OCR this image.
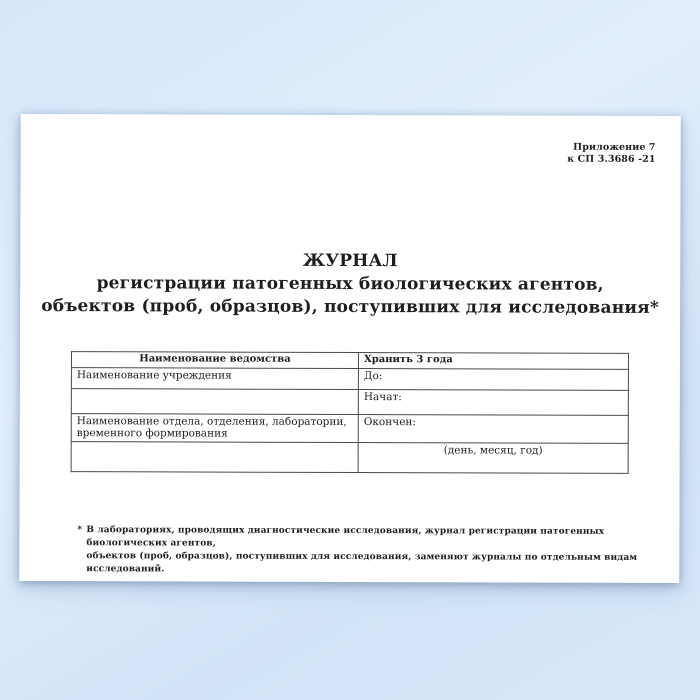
Приложение 7
к СП 3.3686 -21
ЖУРНАЛ
регистрации патогенных биологических агентов,
объектов (проб, образцов), поступивших для исследования*
Наименование ведомства	Хранить 3 года
Наименование учреждения	До:
	Начат:
Наименование отдела, отделения, лаборатории, временного формирования	Окончен:
	(день, месяц, год)
* В лабораториях, проводящих диагностические исследования, журнал регистрации патогенных биологических агентов,
объектов (проб, образцов), поступивших для исследования, заменяют журналы по отдельным видам исследований.
